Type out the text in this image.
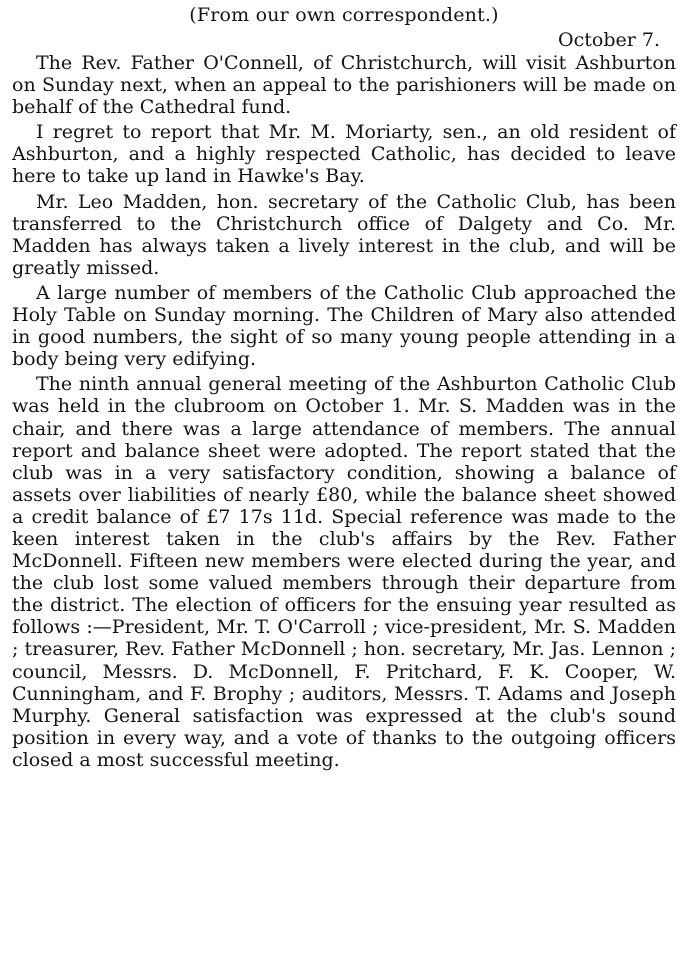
(From our own correspondent.)

October 7.

The Rev. Father O'Connell, of Christchurch, will visit Ashburton on Sunday next, when an appeal to the parishioners will be made on behalf of the Cathedral fund.

I regret to report that Mr. M. Moriarty, sen., an old resident of Ashburton, and a highly respected Catholic, has decided to leave here to take up land in Hawke's Bay.

Mr. Leo Madden, hon. secretary of the Catholic Club, has been transferred to the Christchurch office of Dalgety and Co. Mr. Madden has always taken a lively interest in the club, and will be greatly missed.

A large number of members of the Catholic Club approached the Holy Table on Sunday morning. The Children of Mary also attended in good numbers, the sight of so many young people attending in a body being very edifying.

The ninth annual general meeting of the Ashburton Catholic Club was held in the clubroom on October 1. Mr. S. Madden was in the chair, and there was a large attendance of members. The annual report and balance sheet were adopted. The report stated that the club was in a very satisfactory condition, showing a balance of assets over liabilities of nearly £80, while the balance sheet showed a credit balance of £7 17s 11d. Special reference was made to the keen interest taken in the club's affairs by the Rev. Father McDonnell. Fifteen new members were elected during the year, and the club lost some valued members through their departure from the district. The election of officers for the ensuing year resulted as follows :—President, Mr. T. O'Carroll ; vice-president, Mr. S. Madden ; treasurer, Rev. Father McDonnell ; hon. secretary, Mr. Jas. Lennon ; council, Messrs. D. McDonnell, F. Pritchard, F. K. Cooper, W. Cunningham, and F. Brophy ; auditors, Messrs. T. Adams and Joseph Murphy. General satisfaction was expressed at the club's sound position in every way, and a vote of thanks to the outgoing officers closed a most successful meeting.
